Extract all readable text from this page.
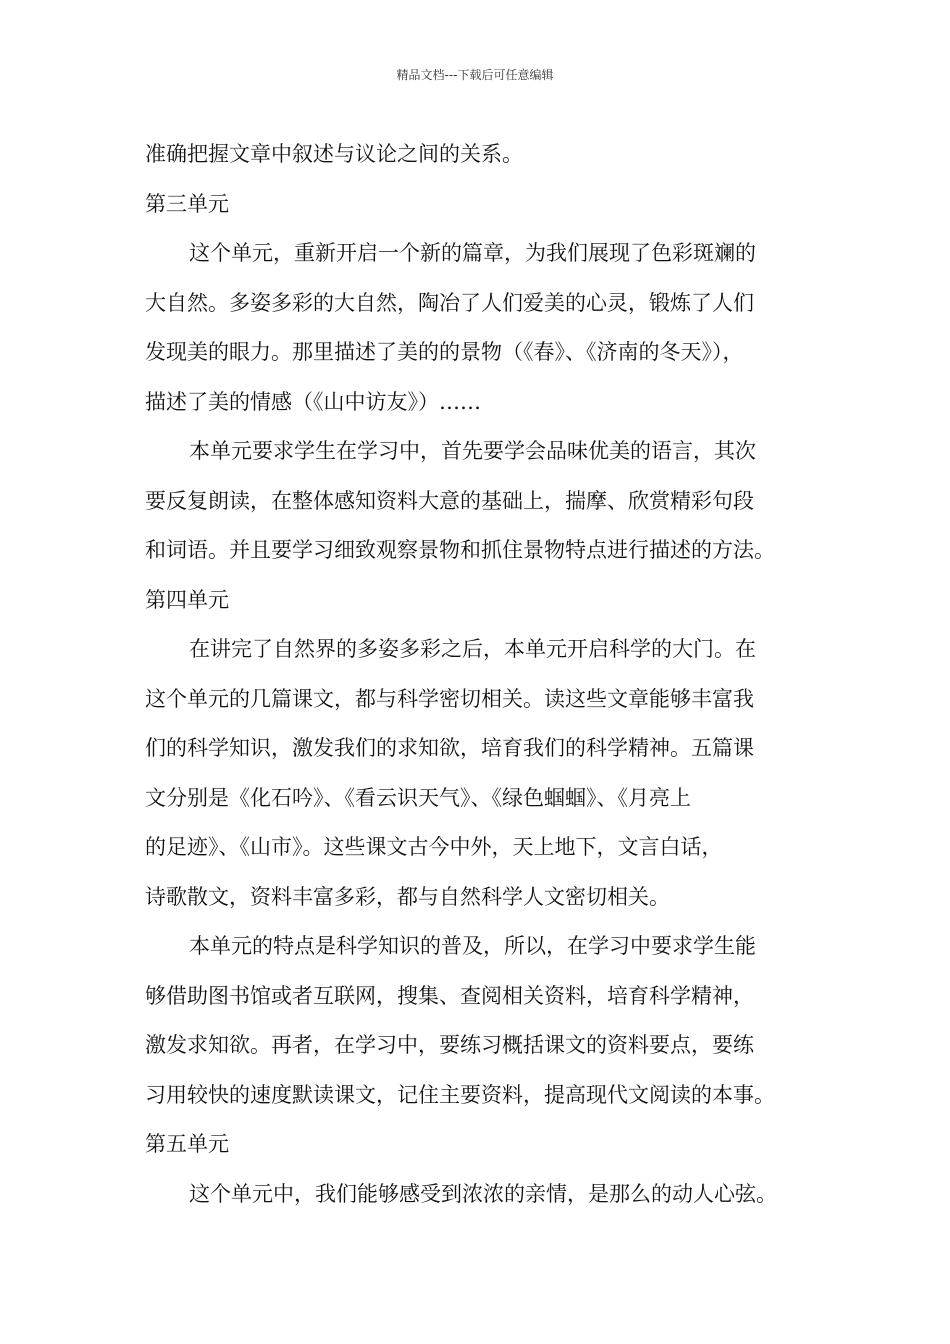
精品文档---下载后可任意编辑

准确把握文章中叙述与议论之间的关系。

第三单元

这个单元，重新开启一个新的篇章，为我们展现了色彩斑斓的

大自然。多姿多彩的大自然，陶冶了人们爱美的心灵，锻炼了人们

发现美的眼力。那里描述了美的的景物（《春》、《济南的冬天》），

描述了美的情感（《山中访友》）……

本单元要求学生在学习中，首先要学会品味优美的语言，其次

要反复朗读，在整体感知资料大意的基础上，揣摩、欣赏精彩句段

和词语。并且要学习细致观察景物和抓住景物特点进行描述的方法。

第四单元

在讲完了自然界的多姿多彩之后，本单元开启科学的大门。在

这个单元的几篇课文，都与科学密切相关。读这些文章能够丰富我

们的科学知识，激发我们的求知欲，培育我们的科学精神。五篇课

文分别是《化石吟》、《看云识天气》、《绿色蝈蝈》、《月亮上

的足迹》、《山市》。这些课文古今中外，天上地下，文言白话，

诗歌散文，资料丰富多彩，都与自然科学人文密切相关。

本单元的特点是科学知识的普及，所以，在学习中要求学生能

够借助图书馆或者互联网，搜集、查阅相关资料，培育科学精神，

激发求知欲。再者，在学习中，要练习概括课文的资料要点，要练

习用较快的速度默读课文，记住主要资料，提高现代文阅读的本事。

第五单元

这个单元中，我们能够感受到浓浓的亲情，是那么的动人心弦。
